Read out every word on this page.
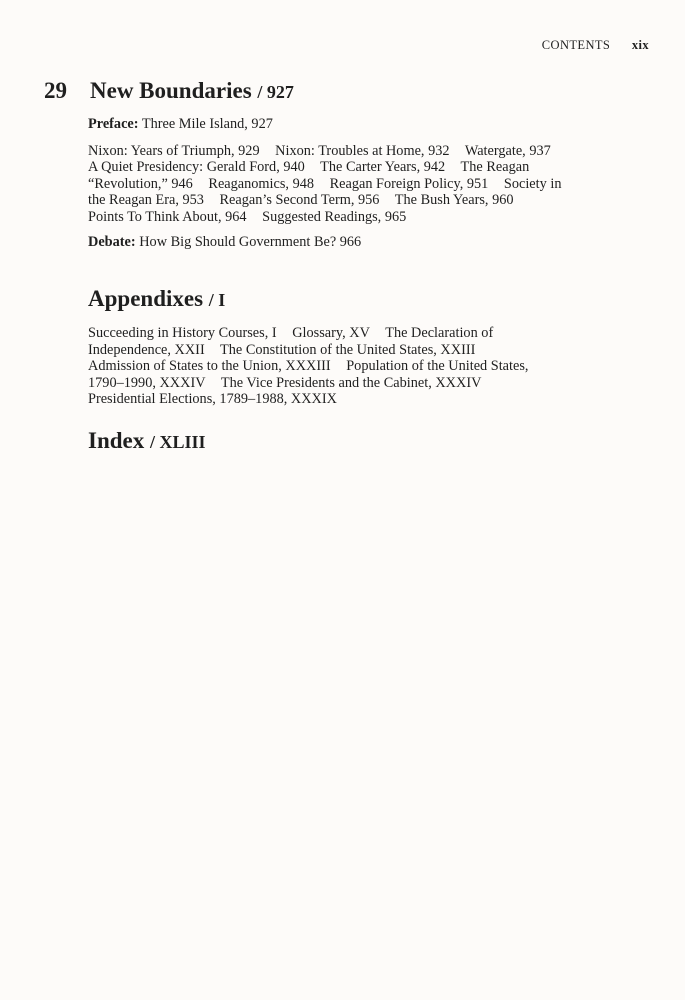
CONTENTS xix
29 New Boundaries / 927
Preface: Three Mile Island, 927
Nixon: Years of Triumph, 929 Nixon: Troubles at Home, 932 Watergate, 937 A Quiet Presidency: Gerald Ford, 940 The Carter Years, 942 The Reagan “Revolution,” 946 Reaganomics, 948 Reagan Foreign Policy, 951 Society in the Reagan Era, 953 Reagan’s Second Term, 956 The Bush Years, 960 Points To Think About, 964 Suggested Readings, 965
Debate: How Big Should Government Be? 966
Appendixes / I
Succeeding in History Courses, I Glossary, XV The Declaration of Independence, XXII The Constitution of the United States, XXIII Admission of States to the Union, XXXIII Population of the United States, 1790–1990, XXXIV The Vice Presidents and the Cabinet, XXXIV Presidential Elections, 1789–1988, XXXIX
Index / XLIII
